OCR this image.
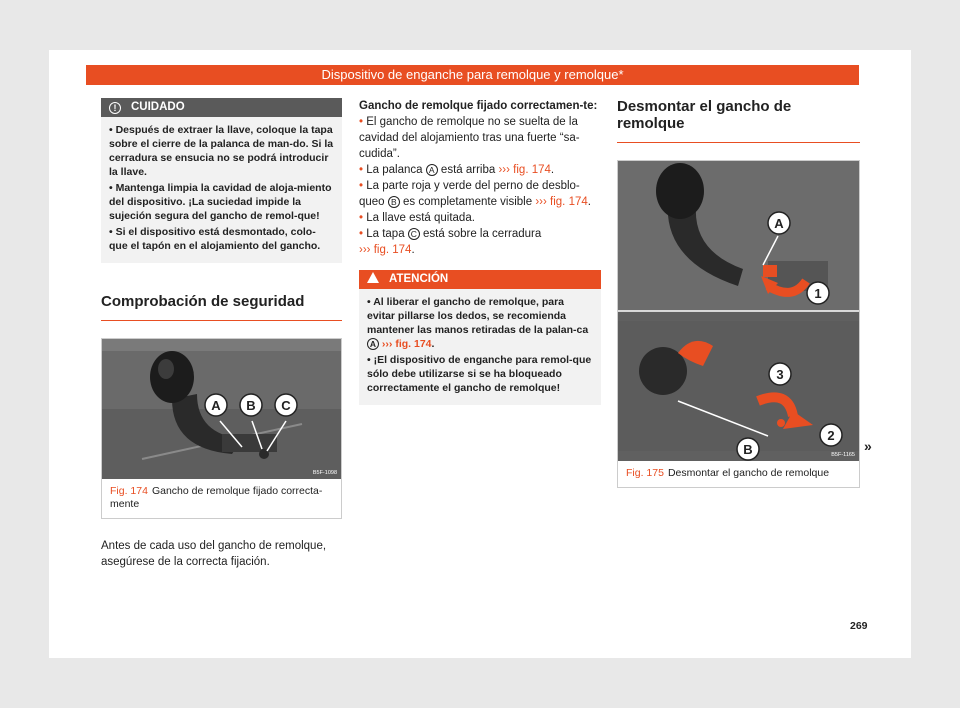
Dispositivo de enganche para remolque y remolque*
! CUIDADO

• Después de extraer la llave, coloque la tapa sobre el cierre de la palanca de man-do. Si la cerradura se ensucia no se podrá introducir la llave.

• Mantenga limpia la cavidad de aloja-miento del dispositivo. ¡La suciedad impide la sujeción segura del gancho de remol-que!

• Si el dispositivo está desmontado, colo-que el tapón en el alojamiento del gancho.

Comprobación de seguridad
A B C
B5F-1098
Fig. 174 Gancho de remolque fijado correcta-mente
Antes de cada uso del gancho de remolque, asegúrese de la correcta fijación.

Gancho de remolque fijado correctamen-te:

• El gancho de remolque no se suelta de la cavidad del alojamiento tras una fuerte “sa-cudida”.

• La palanca A está arriba ››› fig. 174.

• La parte roja y verde del perno de desblo-queo B es completamente visible ››› fig. 174.

• La llave está quitada.

• La tapa C está sobre la cerradura
››› fig. 174.

ATENCIÓN

• Al liberar el gancho de remolque, para evitar pillarse los dedos, se recomienda mantener las manos retiradas de la palan-ca A ››› fig. 174.

• ¡El dispositivo de enganche para remol-que sólo debe utilizarse si se ha bloqueado correctamente el gancho de remolque!

Desmontar el gancho de remolque
A
1
3
2
B	B5F-1165
Fig. 175 Desmontar el gancho de remolque
»
269
